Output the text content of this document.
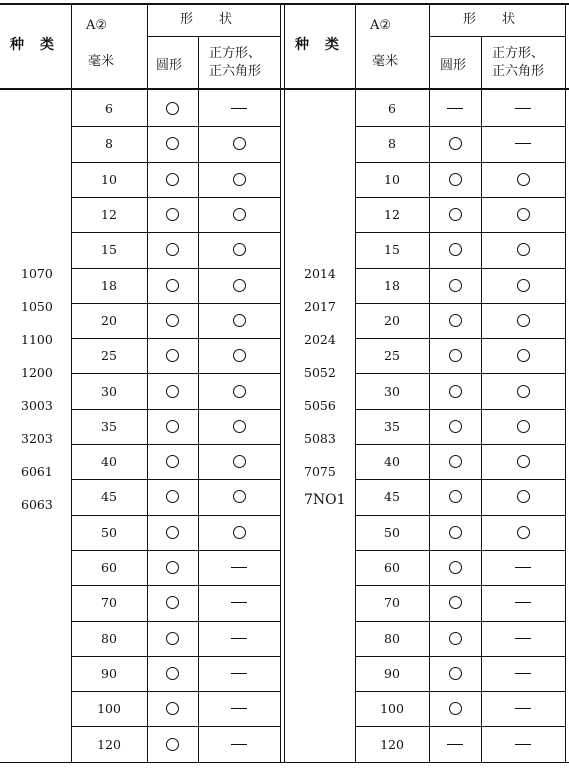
种　类
A②
毫米
形　　状
圆形
正方形、
正六角形
种　类
A②
毫米
形　　状
圆形
正方形、
正六角形
1070
1050
1100
1200
3003
3203
6061
6063
2014
2017
2024
5052
5056
5083
7075
7NO1
6
8
10
12
15
18
20
25
30
35
40
45
50
60
70
80
90
100
120
6
8
10
12
15
18
20
25
30
35
40
45
50
60
70
80
90
100
120
